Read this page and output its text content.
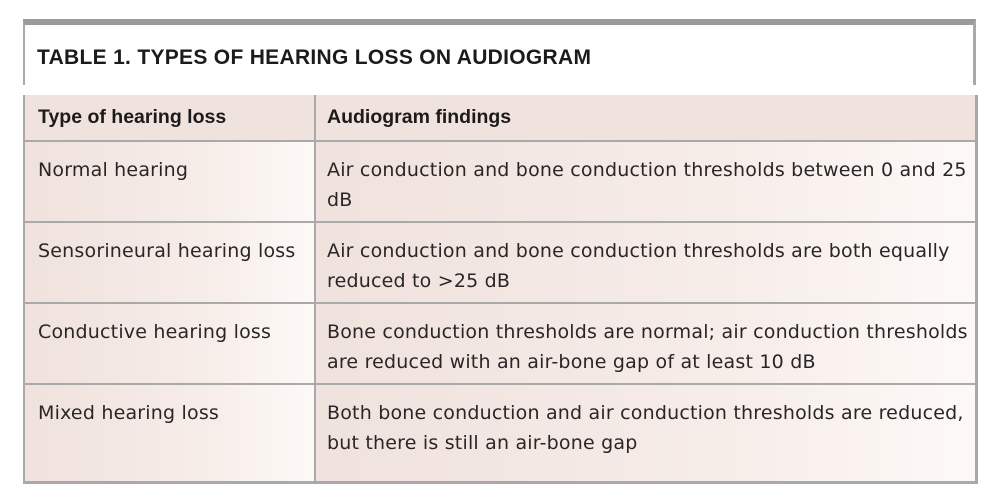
TABLE 1. TYPES OF HEARING LOSS ON AUDIOGRAM
Type of hearing loss	Audiogram findings
Normal hearing	Air conduction and bone conduction thresholds between 0 and 25 dB
Sensorineural hearing loss	Air conduction and bone conduction thresholds are both equally reduced to >25 dB
Conductive hearing loss	Bone conduction thresholds are normal; air conduction thresholds are reduced with an air-bone gap of at least 10 dB
Mixed hearing loss	Both bone conduction and air conduction thresholds are reduced, but there is still an air-bone gap
